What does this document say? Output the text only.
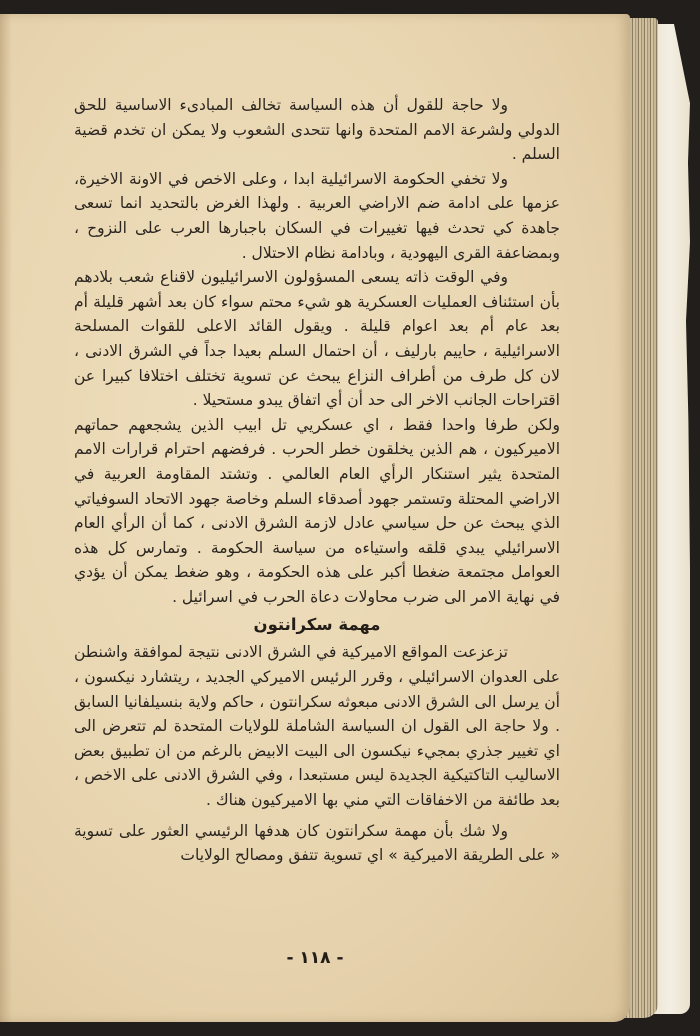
ولا حاجة للقول أن هذه السياسة تخالف المبادىء الاساسية للحق الدولي ولشرعة الامم المتحدة وانها تتحدى الشعوب ولا يمكن ان تخدم قضية السلم .

ولا تخفي الحكومة الاسرائيلية ابدا ، وعلى الاخص في الاونة الاخيرة، عزمها على ادامة ضم الاراضي العربية . ولهذا الغرض بالتحديد انما تسعى جاهدة كي تحدث فيها تغييرات في السكان باجبارها العرب على النزوح ، وبمضاعفة القرى اليهودية ، وبادامة نظام الاحتلال .

وفي الوقت ذاته يسعى المسؤولون الاسرائيليون لاقناع شعب بلادهم بأن استئناف العمليات العسكرية هو شيء محتم سواء كان بعد أشهر قليلة أم بعد عام أم بعد اعوام قليلة . ويقول القائد الاعلى للقوات المسلحة الاسرائيلية ، حاييم بارليف ، أن احتمال السلم بعيدا جداً في الشرق الادنى ، لان كل طرف من أطراف النزاع يبحث عن تسوية تختلف اختلافا كبيرا عن اقتراحات الجانب الاخر الى حد أن أي اتفاق يبدو مستحيلا .

ولكن طرفا واحدا فقط ، اي عسكريي تل ابيب الذين يشجعهم حماتهم الاميركيون ، هم الذين يخلقون خطر الحرب . فرفضهم احترام قرارات الامم المتحدة يثير استنكار الرأي العام العالمي . وتشتد المقاومة العربية في الاراضي المحتلة وتستمر جهود أصدقاء السلم وخاصة جهود الاتحاد السوفياتي الذي يبحث عن حل سياسي عادل لازمة الشرق الادنى ، كما أن الرأي العام الاسرائيلي يبدي قلقه واستياءه من سياسة الحكومة . وتمارس كل هذه العوامل مجتمعة ضغطا أكبر على هذه الحكومة ، وهو ضغط يمكن أن يؤدي في نهاية الامر الى ضرب محاولات دعاة الحرب في اسرائيل .

مهمة سكرانتون

تزعزعت المواقع الاميركية في الشرق الادنى نتيجة لموافقة واشنطن على العدوان الاسرائيلي ، وقرر الرئيس الاميركي الجديد ، ريتشارد نيكسون ، أن يرسل الى الشرق الادنى مبعوثه سكرانتون ، حاكم ولاية بنسيلفانيا السابق . ولا حاجة الى القول ان السياسة الشاملة للولايات المتحدة لم تتعرض الى اي تغيير جذري بمجيء نيكسون الى البيت الابيض بالرغم من ان تطبيق بعض الاساليب التاكتيكية الجديدة ليس مستبعدا ، وفي الشرق الادنى على الاخص ، بعد طائفة من الاخفاقات التي مني بها الاميركيون هناك .

ولا شك بأن مهمة سكرانتون كان هدفها الرئيسي العثور على تسوية « على الطريقة الاميركية » اي تسوية تتفق ومصالح الولايات

- ١١٨ -
